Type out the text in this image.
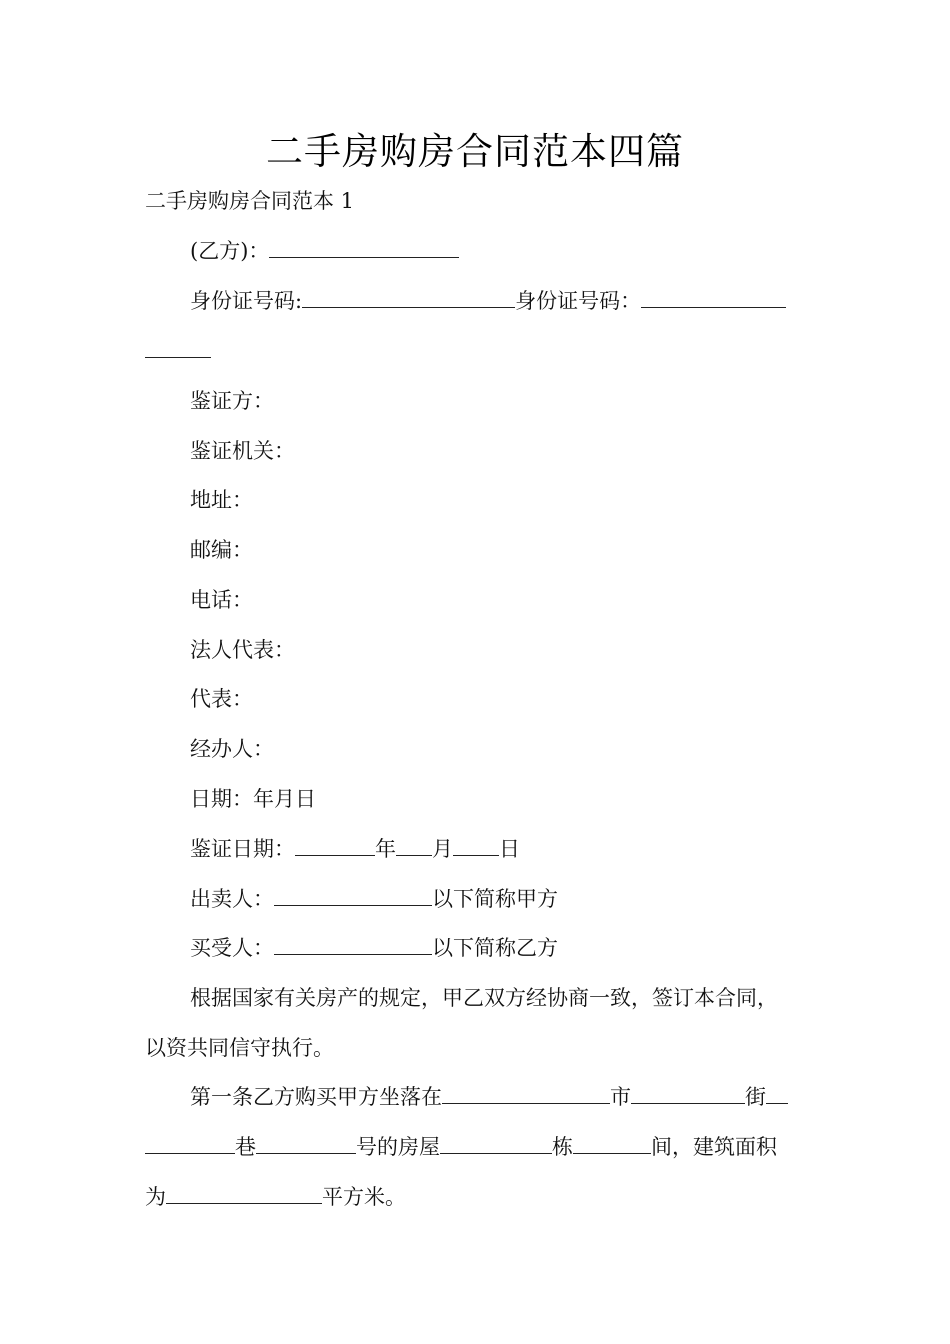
二手房购房合同范本四篇
二手房购房合同范本 1
(乙方)：
身份证号码:	身份证号码：
鉴证方：
鉴证机关：
地址：
邮编：
电话：
法人代表：
代表：
经办人：
日期：年月日
鉴证日期：	年 月 日
出卖人：	以下简称甲方
买受人：	以下简称乙方
根据国家有关房产的规定，甲乙双方经协商一致，签订本合同，
以资共同信守执行。
第一条乙方购买甲方坐落在	市	街
巷	号的房屋	栋	间，建筑面积
为	平方米。
